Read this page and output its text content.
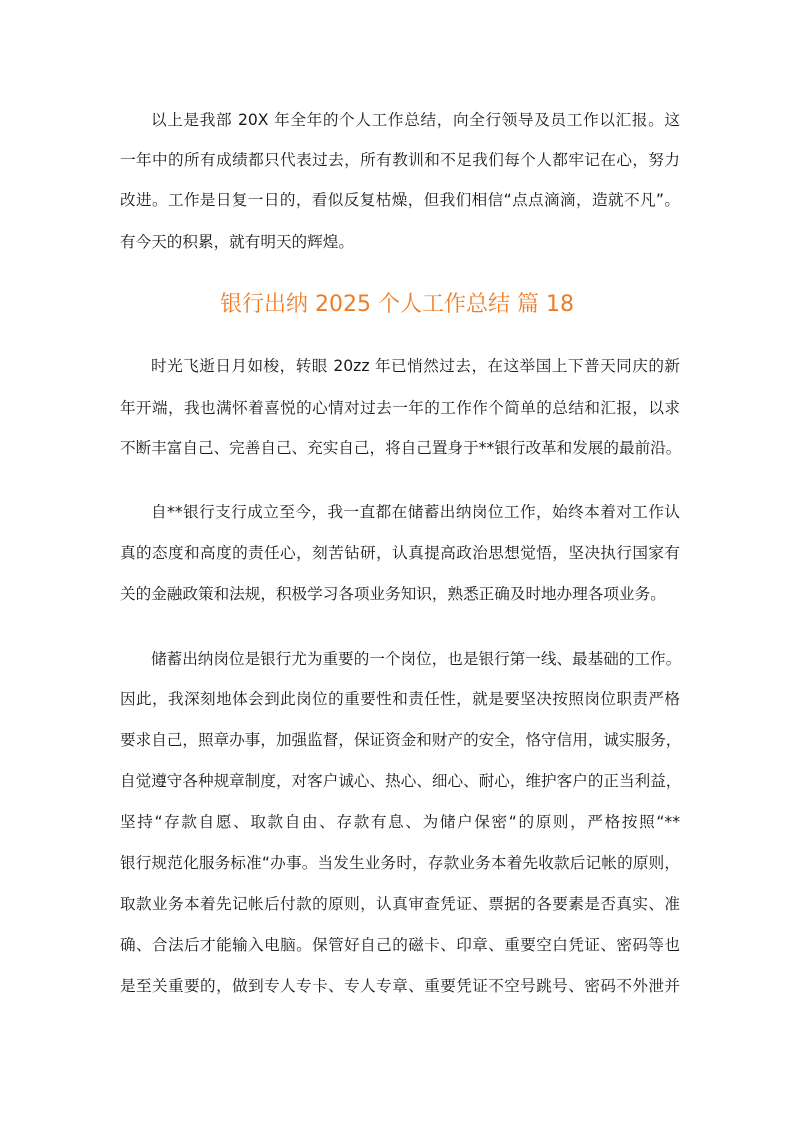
以上是我部 20X 年全年的个人工作总结，向全行领导及员工作以汇报。这
一年中的所有成绩都只代表过去，所有教训和不足我们每个人都牢记在心，努力
改进。工作是日复一日的，看似反复枯燥，但我们相信“点点滴滴，造就不凡”。
有今天的积累，就有明天的辉煌。
银行出纳 2025 个人工作总结 篇 18
时光飞逝日月如梭，转眼 20zz 年已悄然过去，在这举国上下普天同庆的新
年开端，我也满怀着喜悦的心情对过去一年的工作作个简单的总结和汇报，以求
不断丰富自己、完善自己、充实自己，将自己置身于**银行改革和发展的最前沿。
自**银行支行成立至今，我一直都在储蓄出纳岗位工作，始终本着对工作认
真的态度和高度的责任心，刻苦钻研，认真提高政治思想觉悟，坚决执行国家有
关的金融政策和法规，积极学习各项业务知识，熟悉正确及时地办理各项业务。
储蓄出纳岗位是银行尤为重要的一个岗位，也是银行第一线、最基础的工作。
因此，我深刻地体会到此岗位的重要性和责任性，就是要坚决按照岗位职责严格
要求自己，照章办事，加强监督，保证资金和财产的安全，恪守信用，诚实服务，
自觉遵守各种规章制度，对客户诚心、热心、细心、耐心，维护客户的正当利益，
坚持“存款自愿、取款自由、存款有息、为储户保密“的原则，严格按照“**
银行规范化服务标准“办事。当发生业务时，存款业务本着先收款后记帐的原则，
取款业务本着先记帐后付款的原则，认真审查凭证、票据的各要素是否真实、准
确、合法后才能输入电脑。保管好自己的磁卡、印章、重要空白凭证、密码等也
是至关重要的，做到专人专卡、专人专章、重要凭证不空号跳号、密码不外泄并
